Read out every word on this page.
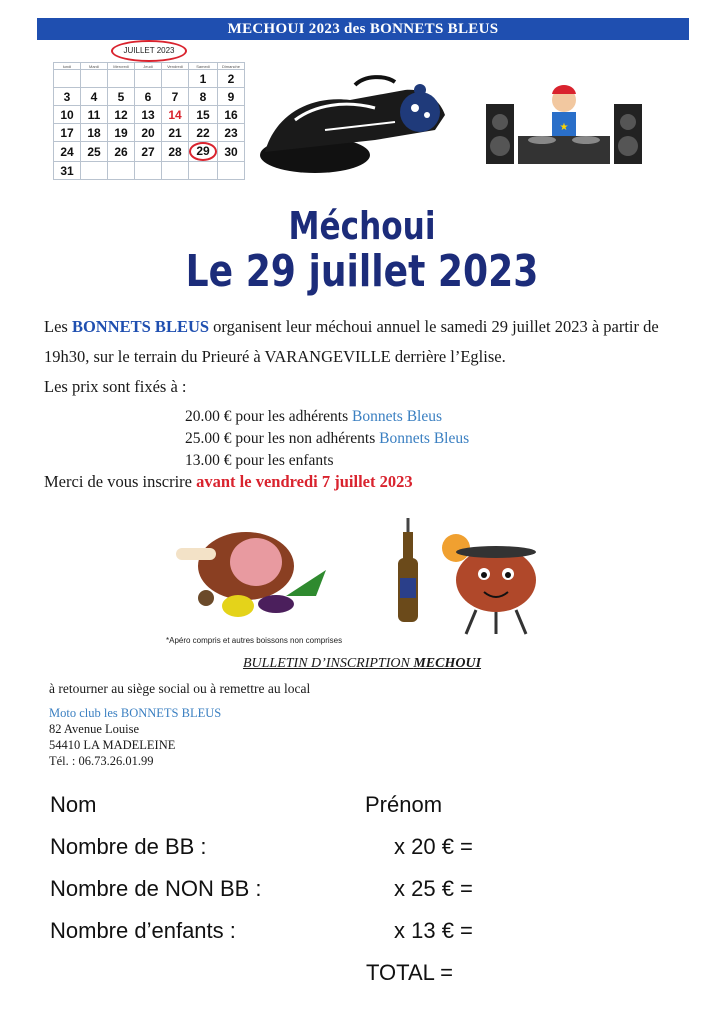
MECHOUI 2023 des BONNETS BLEUS
lundi	Mardi	Mercredi	Jeudi	Vendredi	Samedi	Dimanche
					1	2
3	4	5	6	7	8	9
10	11	12	13	14	15	16
17	18	19	20	21	22	23
24	25	26	27	28	29	30
31						
JUILLET 2023
★
Méchoui
Le 29 juillet 2023
Les BONNETS BLEUS organisent leur méchoui annuel le samedi 29 juillet 2023 à partir de 19h30, sur le terrain du Prieuré à VARANGEVILLE derrière l’Eglise.
Les prix sont fixés à :
20.00 € pour les adhérents Bonnets Bleus
25.00 € pour les non adhérents Bonnets Bleus
13.00 € pour les enfants
Merci de vous inscrire avant le vendredi 7 juillet 2023
*Apéro compris et autres boissons non comprises
BULLETIN D’INSCRIPTION MECHOUI
à retourner au siège social ou à remettre au local
Moto club les BONNETS BLEUS
82 Avenue Louise
54410 LA MADELEINE
Tél. : 06.73.26.01.99
Nom	Prénom
Nombre de BB :	x 20 € =
Nombre de NON BB :	x 25 € =
Nombre d’enfants :	x 13 € =
TOTAL =
